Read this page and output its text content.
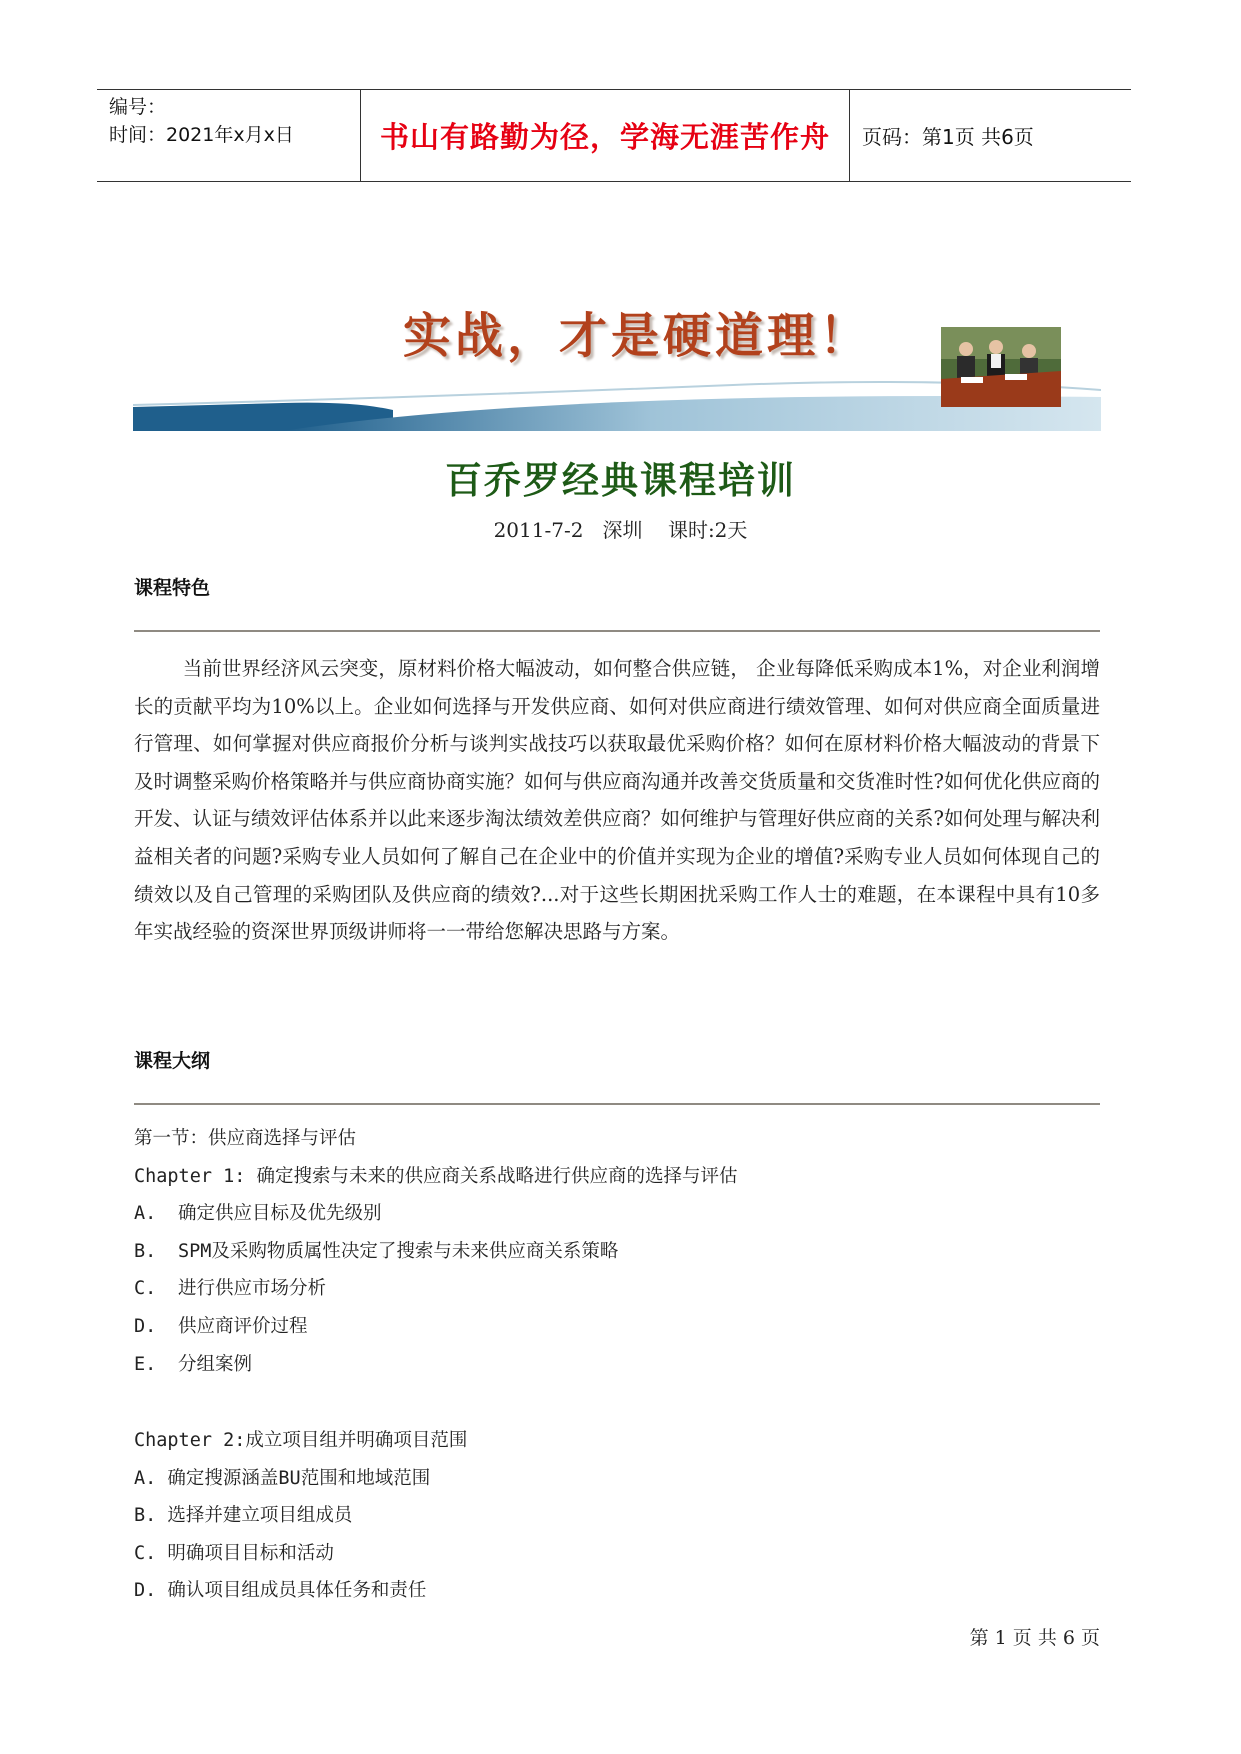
编号：
时间：2021年x月x日	书山有路勤为径，学海无涯苦作舟 页码：第1页 共6页
实战，才是硬道理！
百乔罗经典课程培训
2011-7-2   深圳    课时:2天
课程特色

当前世界经济风云突变，原材料价格大幅波动，如何整合供应链， 企业每降低采购成本1%，对企业利润增长的贡献平均为10%以上。企业如何选择与开发供应商、如何对供应商进行绩效管理、如何对供应商全面质量进行管理、如何掌握对供应商报价分析与谈判实战技巧以获取最优采购价格？如何在原材料价格大幅波动的背景下及时调整采购价格策略并与供应商协商实施？如何与供应商沟通并改善交货质量和交货准时性?如何优化供应商的开发、认证与绩效评估体系并以此来逐步淘汰绩效差供应商？如何维护与管理好供应商的关系?如何处理与解决利益相关者的问题?采购专业人员如何了解自己在企业中的价值并实现为企业的增值?采购专业人员如何体现自己的绩效以及自己管理的采购团队及供应商的绩效?...对于这些长期困扰采购工作人士的难题，在本课程中具有10多年实战经验的资深世界顶级讲师将一一带给您解决思路与方案。

课程大纲
第一节：供应商选择与评估
Chapter 1: 确定搜索与未来的供应商关系战略进行供应商的选择与评估
A. 确定供应目标及优先级别
B. SPM及采购物质属性决定了搜索与未来供应商关系策略
C. 进行供应市场分析
D. 供应商评价过程
E. 分组案例
Chapter 2:成立项目组并明确项目范围
A. 确定搜源涵盖BU范围和地域范围
B. 选择并建立项目组成员
C. 明确项目目标和活动
D. 确认项目组成员具体任务和责任
第 1 页 共 6 页
